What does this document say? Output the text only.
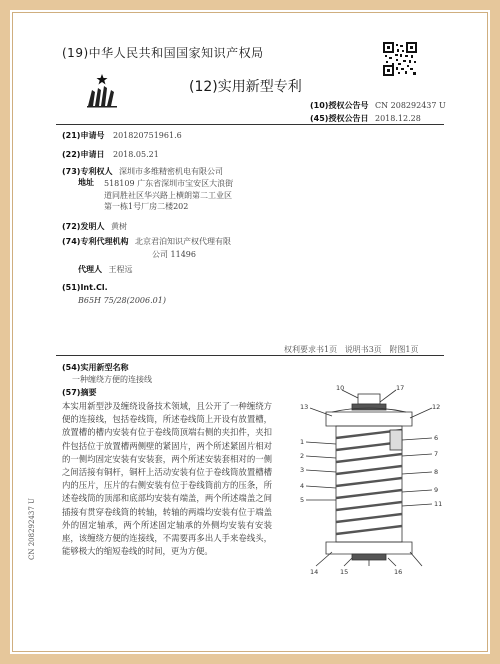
(19)中华人民共和国国家知识产权局
(12)实用新型专利
(10)授权公告号 CN 208292437 U
(45)授权公告日 2018.12.28
(21)申请号 201820751961.6
(22)申请日 2018.05.21
(73)专利权人 深圳市多维精密机电有限公司
地址 518109 广东省深圳市宝安区大浪街
道同胜社区华兴路上横朗第二工业区
第一栋1号厂房二楼202
(72)发明人 黄树
(74)专利代理机构 北京君泊知识产权代理有限
公司 11496
代理人 王程远
(51)Int.Cl.
B65H 75/28(2006.01)
权利要求书1页   说明书3页   附图1页
(54)实用新型名称
一种缠绕方便的连接线
(57)摘要
本实用新型涉及缠绕设备技术领域，且公开了一种缠绕方便的连接线，包括卷线筒，所述卷线筒上开设有放置槽，放置槽的槽内安装有位于卷线筒顶端右侧的夹扣件，夹扣件包括位于放置槽两侧壁的紧固片，两个所述紧固片相对的一侧均固定安装有安装套，两个所述安装套相对的一侧之间活接有铜杆，铜杆上活动安装有位于卷线筒放置槽槽内的压片，压片的右侧安装有位于卷线筒前方的压条，所述卷线筒的顶部和底部均安装有端盖，两个所述端盖之间插接有贯穿卷线筒的转轴，转轴的两端均安装有位于端盖外的固定轴承，两个所述固定轴承的外侧均安装有安装座，该缠绕方便的连接线，不需要再多出人手来卷线头，能够极大的缩短卷线的时间，更为方便。
10	17
13	12
1
2
3
4
5
6
7
8
9
11
14	15	16
CN 208292437 U
